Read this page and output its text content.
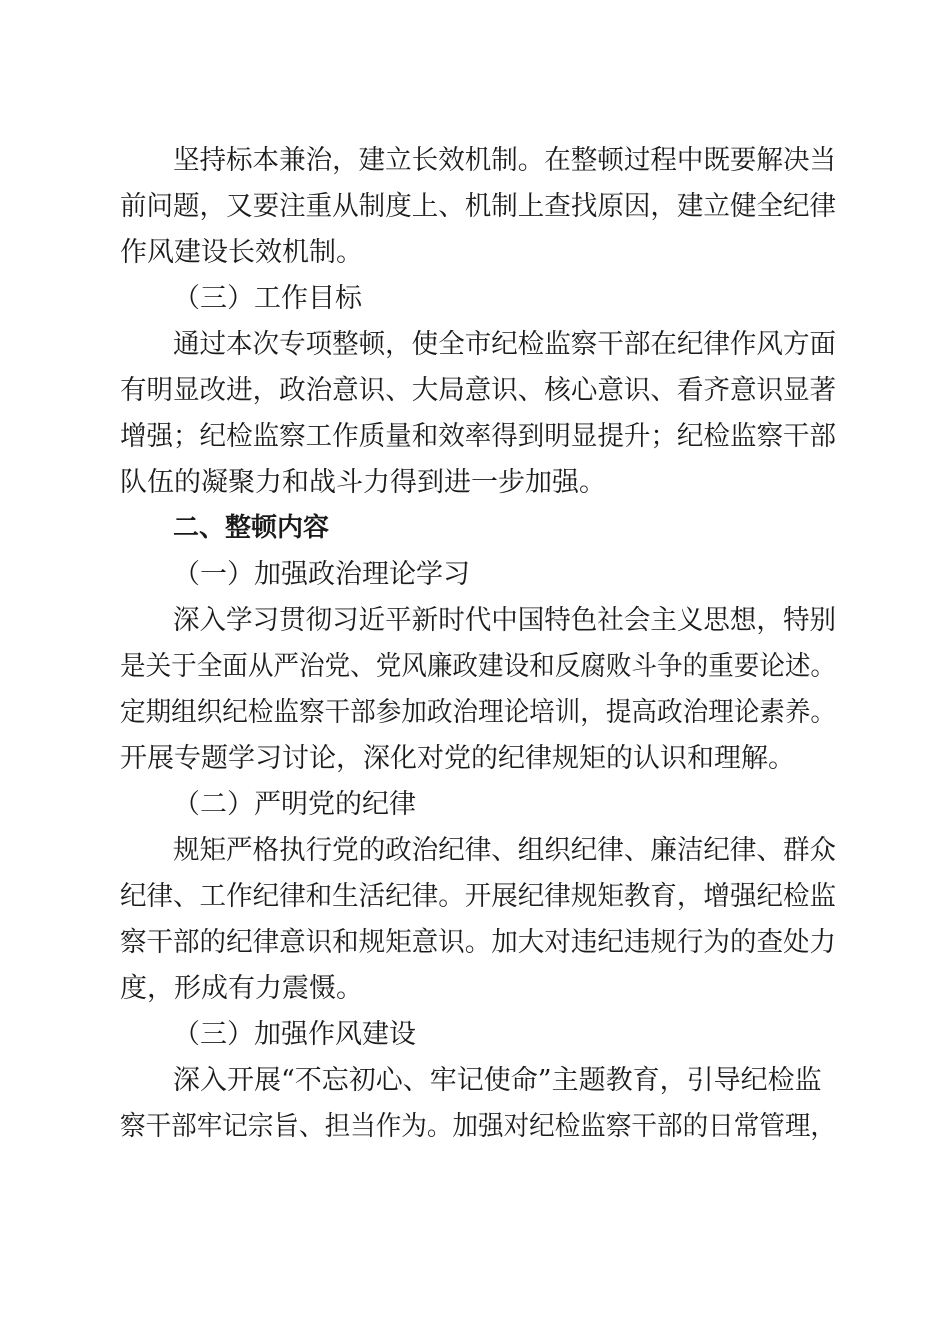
坚持标本兼治，建立长效机制。在整顿过程中既要解决当
前问题，又要注重从制度上、机制上查找原因，建立健全纪律
作风建设长效机制。
（三）工作目标
通过本次专项整顿，使全市纪检监察干部在纪律作风方面
有明显改进，政治意识、大局意识、核心意识、看齐意识显著
增强；纪检监察工作质量和效率得到明显提升；纪检监察干部
队伍的凝聚力和战斗力得到进一步加强。
二、整顿内容
（一）加强政治理论学习
深入学习贯彻习近平新时代中国特色社会主义思想，特别
是关于全面从严治党、党风廉政建设和反腐败斗争的重要论述。
定期组织纪检监察干部参加政治理论培训，提高政治理论素养。
开展专题学习讨论，深化对党的纪律规矩的认识和理解。
（二）严明党的纪律
规矩严格执行党的政治纪律、组织纪律、廉洁纪律、群众
纪律、工作纪律和生活纪律。开展纪律规矩教育，增强纪检监
察干部的纪律意识和规矩意识。加大对违纪违规行为的查处力
度，形成有力震慑。
（三）加强作风建设
深入开展“不忘初心、牢记使命”主题教育，引导纪检监
察干部牢记宗旨、担当作为。加强对纪检监察干部的日常管理，
